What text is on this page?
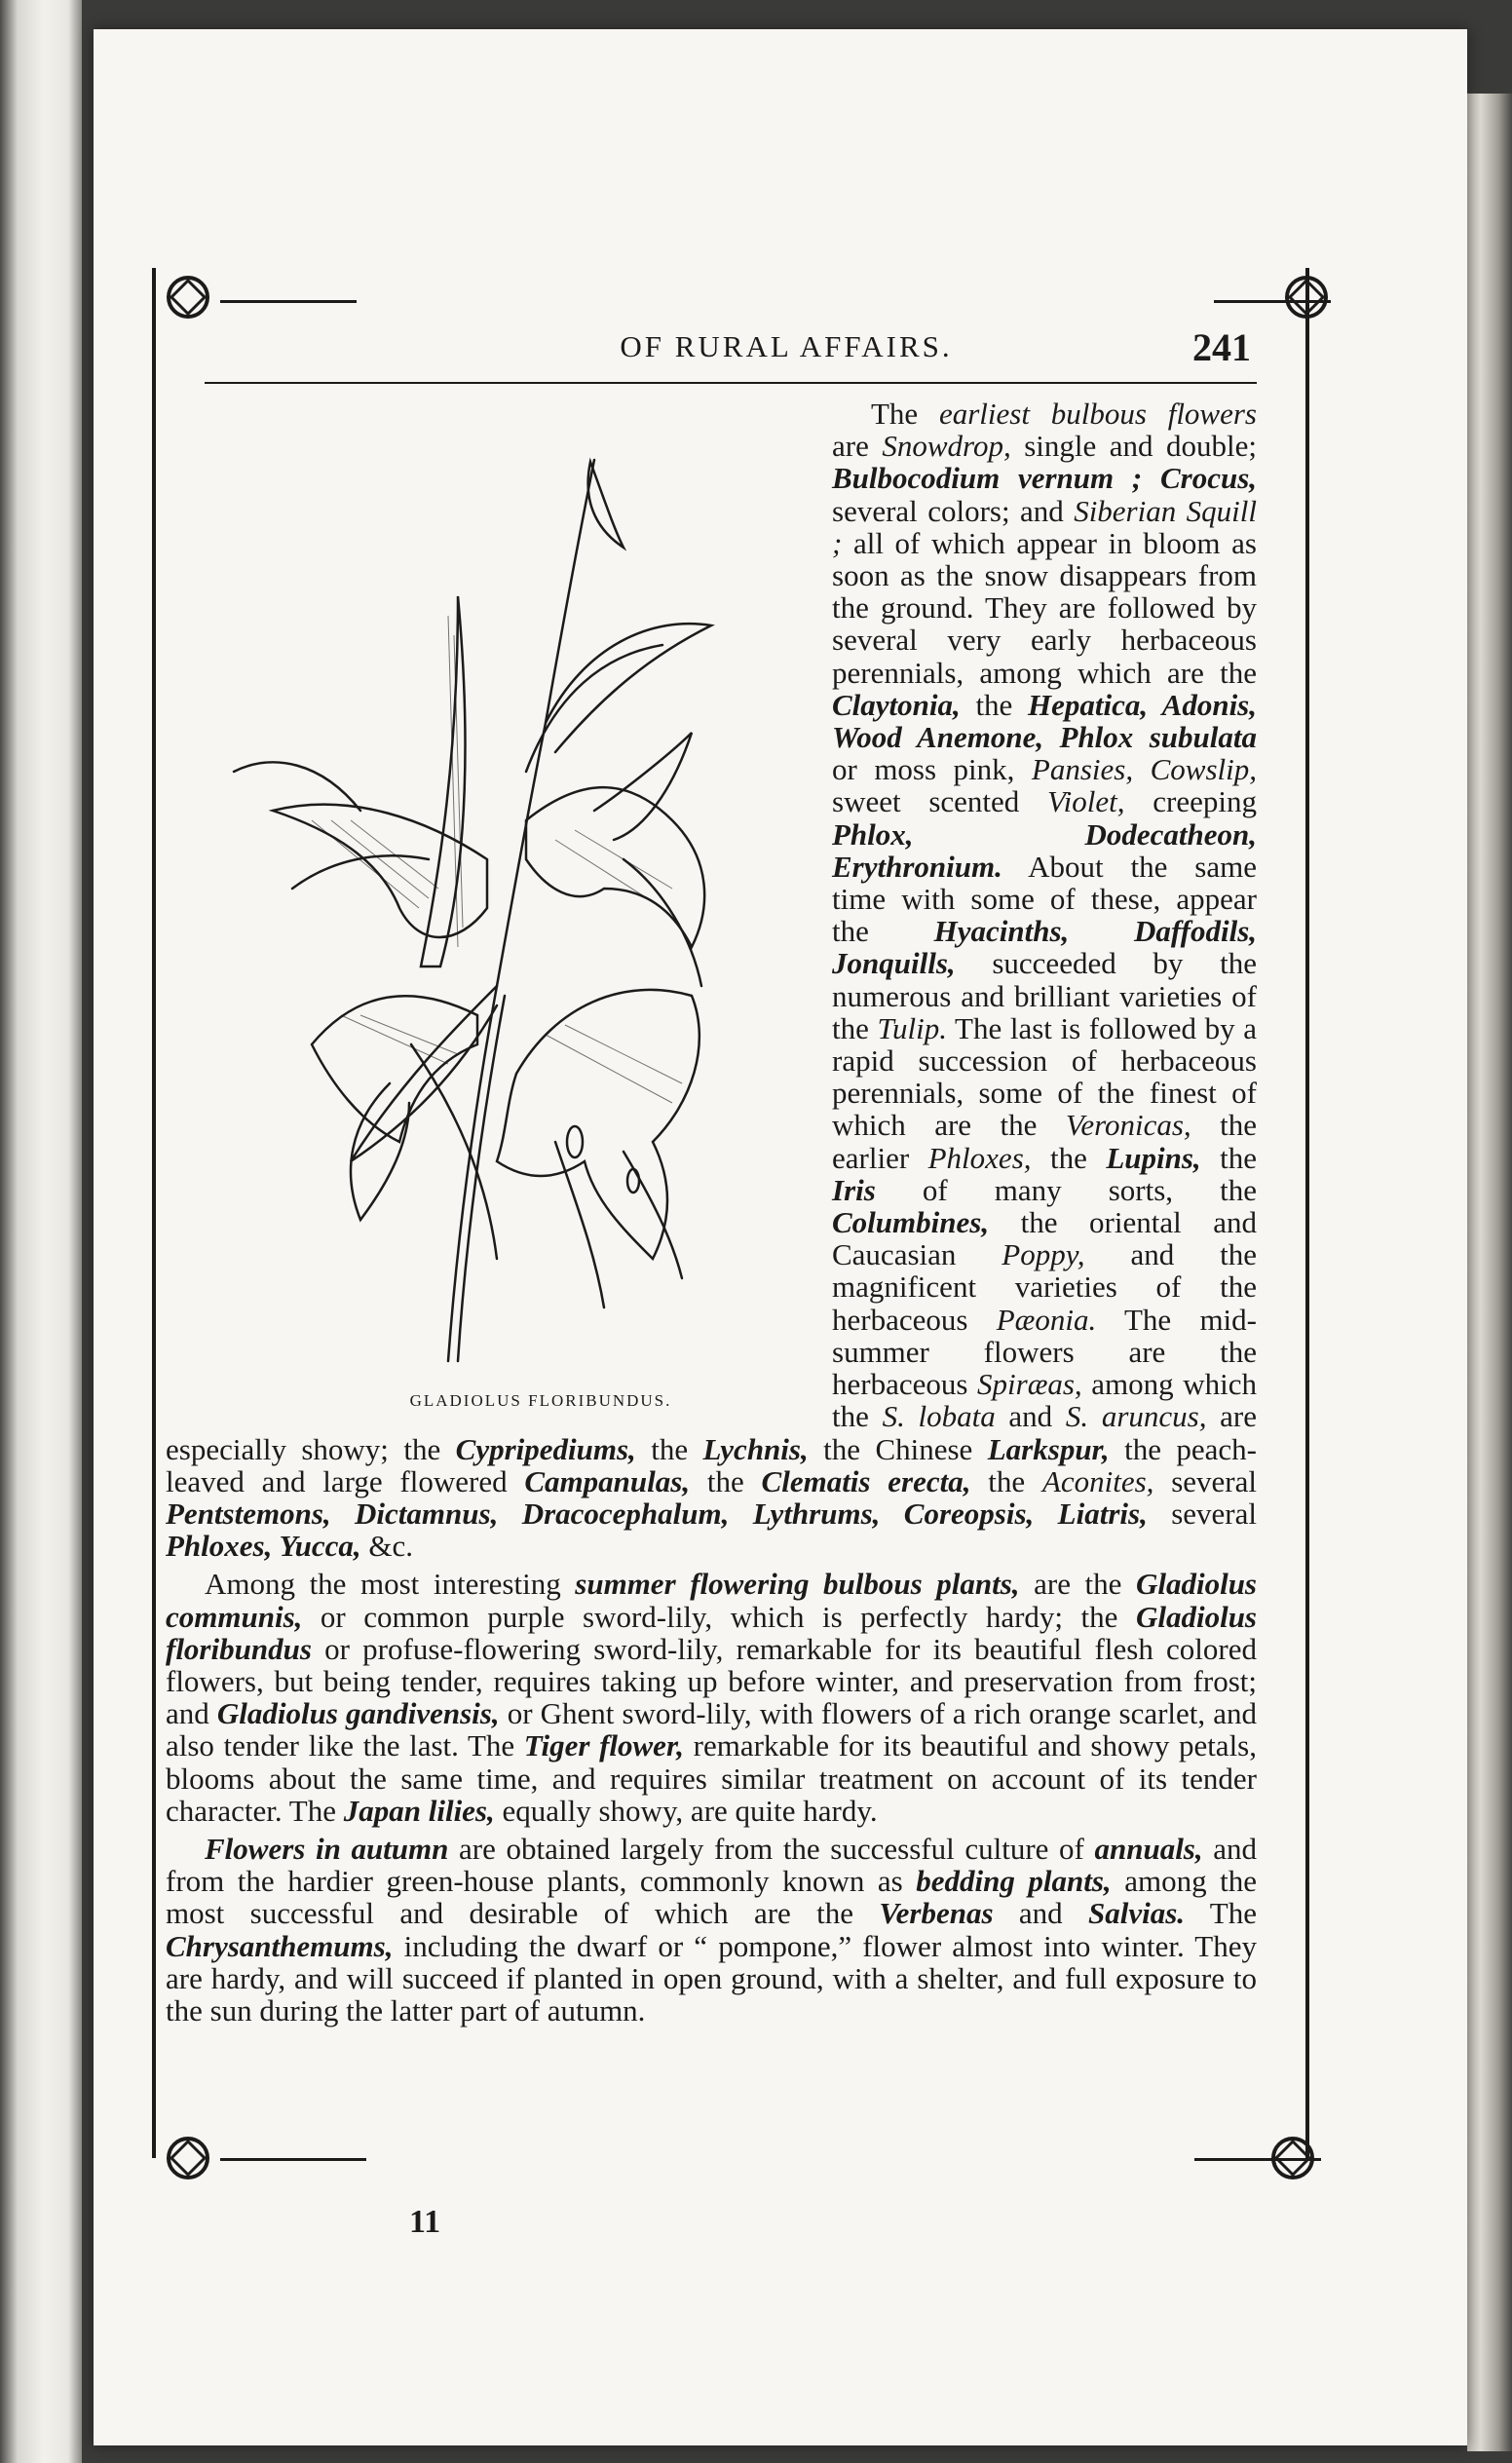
OF RURAL AFFAIRS.	241
GLADIOLUS FLORIBUNDUS.

The earliest bulbous flowers are Snowdrop, single and double; Bulbocodium vernum ; Crocus, several colors; and Siberian Squill ; all of which appear in bloom as soon as the snow disappears from the ground. They are followed by several very early herbaceous perennials, among which are the Claytonia, the Hepatica, Adonis, Wood Anemone, Phlox subulata or moss pink, Pansies, Cowslip, sweet scented Violet, creeping Phlox, Dodecatheon, Erythronium. About the same time with some of these, appear the Hyacinths, Daffodils, Jonquills, succeeded by the numerous and brilliant varieties of the Tulip. The last is followed by a rapid succession of herbaceous perennials, some of the finest of which are the Veronicas, the earlier Phloxes, the Lupins, the Iris of many sorts, the Columbines, the oriental and Caucasian Poppy, and the magnificent varieties of the herbaceous Pæonia. The mid-summer flowers are the herbaceous Spiræas, among which the S. lobata and S. aruncus, are especially showy; the Cypripediums, the Lychnis, the Chinese Larkspur, the peach-leaved and large flowered Campanulas, the Clematis erecta, the Aconites, several Pentstemons, Dictamnus, Dracocephalum, Lythrums, Coreopsis, Liatris, several Phloxes, Yucca, &c.

Among the most interesting summer flowering bulbous plants, are the Gladiolus communis, or common purple sword-lily, which is perfectly hardy; the Gladiolus floribundus or profuse-flowering sword-lily, remarkable for its beautiful flesh colored flowers, but being tender, requires taking up before winter, and preservation from frost; and Gladiolus gandivensis, or Ghent sword-lily, with flowers of a rich orange scarlet, and also tender like the last. The Tiger flower, remarkable for its beautiful and showy petals, blooms about the same time, and requires similar treatment on account of its tender character. The Japan lilies, equally showy, are quite hardy.

Flowers in autumn are obtained largely from the successful culture of annuals, and from the hardier green-house plants, commonly known as bedding plants, among the most successful and desirable of which are the Verbenas and Salvias. The Chrysanthemums, including the dwarf or “ pompone,” flower almost into winter. They are hardy, and will succeed if planted in open ground, with a shelter, and full exposure to the sun during the latter part of autumn.

11
